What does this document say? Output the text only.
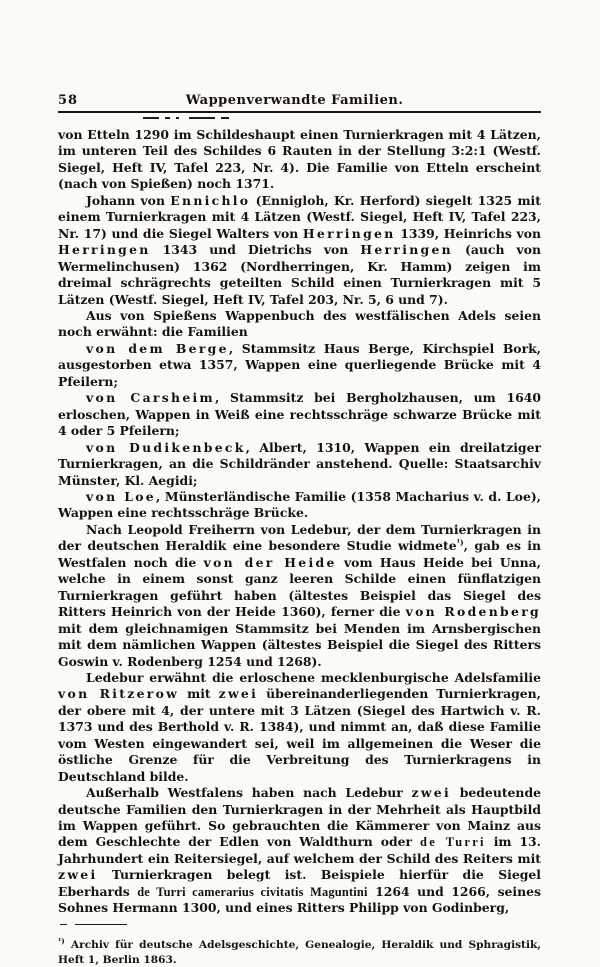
58	Wappenverwandte Familien.

von Etteln 1290 im Schildeshaupt einen Turnierkragen mit 4 Lätzen, im unteren Teil des Schildes 6 Rauten in der Stellung 3:2:1 (Westf. Siegel, Heft IV, Tafel 223, Nr. 4). Die Familie von Etteln erscheint (nach von Spießen) noch 1371.

Johann von Ennichlo (Ennigloh, Kr. Herford) siegelt 1325 mit einem Turnierkragen mit 4 Lätzen (Westf. Siegel, Heft IV, Tafel 223, Nr. 17) und die Siegel Walters von Herringen 1339, Heinrichs von Herringen 1343 und Dietrichs von Herringen (auch von Wermelinchusen) 1362 (Nordherringen, Kr. Hamm) zeigen im dreimal schrägrechts geteilten Schild einen Turnierkragen mit 5 Lätzen (Westf. Siegel, Heft IV, Tafel 203, Nr. 5, 6 und 7).

Aus von Spießens Wappenbuch des westfälischen Adels seien noch erwähnt: die Familien

von dem Berge, Stammsitz Haus Berge, Kirchspiel Bork, ausgestorben etwa 1357, Wappen eine querliegende Brücke mit 4 Pfeilern;

von Carsheim, Stammsitz bei Bergholzhausen, um 1640 erloschen, Wappen in Weiß eine rechtsschräge schwarze Brücke mit 4 oder 5 Pfeilern;

von Dudikenbeck, Albert, 1310, Wappen ein dreilatziger Turnierkragen, an die Schildränder anstehend. Quelle: Staatsarchiv Münster, Kl. Aegidi;

von Loe, Münsterländische Familie (1358 Macharius v. d. Loe), Wappen eine rechtsschräge Brücke.

Nach Leopold Freiherrn von Ledebur, der dem Turnierkragen in der deutschen Heraldik eine besondere Studie widmete$^{^1)}$, gab es in Westfalen noch die von der Heide vom Haus Heide bei Unna, welche in einem sonst ganz leeren Schilde einen fünflatzigen Turnierkragen geführt haben (ältestes Beispiel das Siegel des Ritters Heinrich von der Heide 1360), ferner die von Rodenberg mit dem gleichnamigen Stammsitz bei Menden im Arnsbergischen mit dem nämlichen Wappen (ältestes Beispiel die Siegel des Ritters Goswin v. Rodenberg 1254 und 1268).

Ledebur erwähnt die erloschene mecklenburgische Adelsfamilie von Ritzerow mit zwei übereinanderliegenden Turnierkragen, der obere mit 4, der untere mit 3 Lätzen (Siegel des Hartwich v. R. 1373 und des Berthold v. R. 1384), und nimmt an, daß diese Familie vom Westen eingewandert sei, weil im allgemeinen die Weser die östliche Grenze für die Verbreitung des Turnierkragens in Deutschland bilde.

Außerhalb Westfalens haben nach Ledebur zwei bedeutende deutsche Familien den Turnierkragen in der Mehrheit als Hauptbild im Wappen geführt. So gebrauchten die Kämmerer von Mainz aus dem Geschlechte der Edlen von Waldthurn oder de Turri im 13. Jahrhundert ein Reitersiegel, auf welchem der Schild des Reiters mit zwei Turnierkragen belegt ist. Beispiele hierfür die Siegel Eberhards de Turri camerarius civitatis Maguntini 1264 und 1266, seines Sohnes Hermann 1300, und eines Ritters Philipp von Godinberg,

$^{^1)}$ Archiv für deutsche Adelsgeschichte, Genealogie, Heraldik und Sphragistik, Heft 1, Berlin 1863.
